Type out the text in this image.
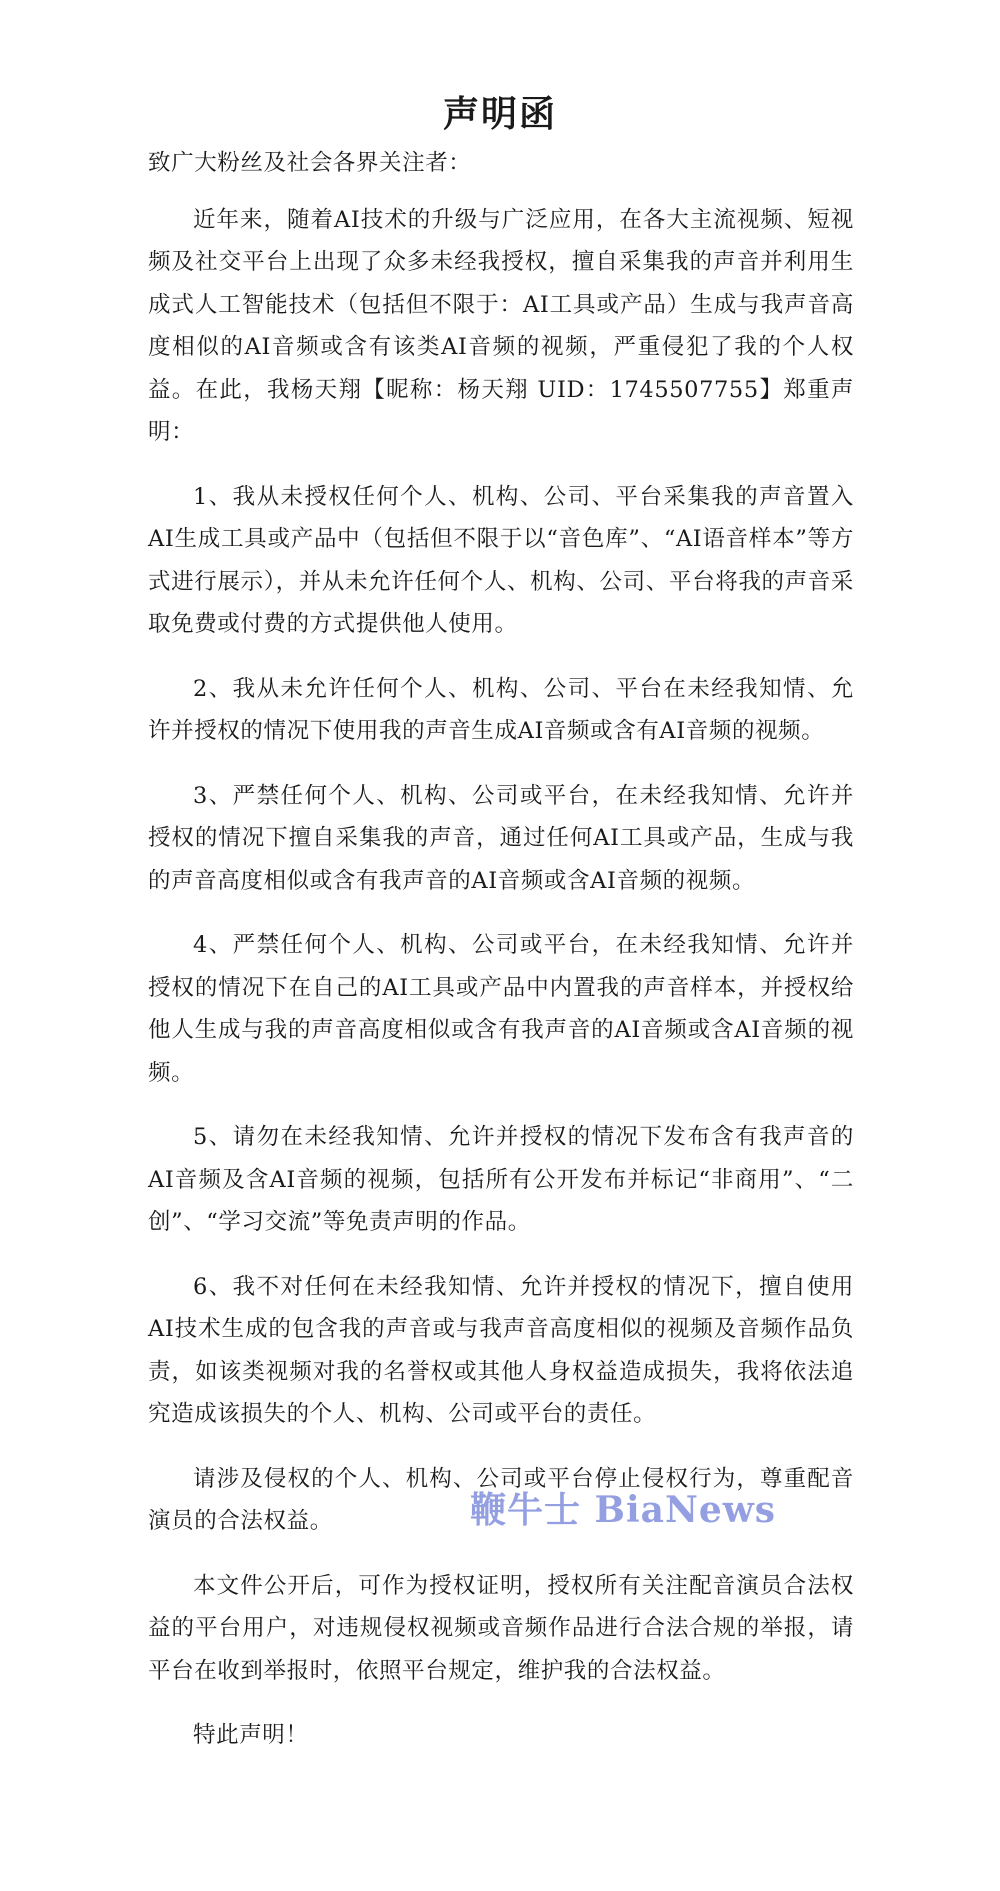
声明函

致广大粉丝及社会各界关注者：

近年来，随着AI技术的升级与广泛应用，在各大主流视频、短视频及社交平台上出现了众多未经我授权，擅自采集我的声音并利用生成式人工智能技术（包括但不限于：AI工具或产品）生成与我声音高度相似的AI音频或含有该类AI音频的视频，严重侵犯了我的个人权益。在此，我杨天翔【昵称：杨天翔 UID：1745507755】郑重声明：

1、我从未授权任何个人、机构、公司、平台采集我的声音置入AI生成工具或产品中（包括但不限于以“音色库”、“AI语音样本”等方式进行展示），并从未允许任何个人、机构、公司、平台将我的声音采取免费或付费的方式提供他人使用。

2、我从未允许任何个人、机构、公司、平台在未经我知情、允许并授权的情况下使用我的声音生成AI音频或含有AI音频的视频。

3、严禁任何个人、机构、公司或平台，在未经我知情、允许并授权的情况下擅自采集我的声音，通过任何AI工具或产品，生成与我的声音高度相似或含有我声音的AI音频或含AI音频的视频。

4、严禁任何个人、机构、公司或平台，在未经我知情、允许并授权的情况下在自己的AI工具或产品中内置我的声音样本，并授权给他人生成与我的声音高度相似或含有我声音的AI音频或含AI音频的视频。

5、请勿在未经我知情、允许并授权的情况下发布含有我声音的AI音频及含AI音频的视频，包括所有公开发布并标记“非商用”、“二创”、“学习交流”等免责声明的作品。

6、我不对任何在未经我知情、允许并授权的情况下，擅自使用AI技术生成的包含我的声音或与我声音高度相似的视频及音频作品负责，如该类视频对我的名誉权或其他人身权益造成损失，我将依法追究造成该损失的个人、机构、公司或平台的责任。

请涉及侵权的个人、机构、公司或平台停止侵权行为，尊重配音演员的合法权益。

本文件公开后，可作为授权证明，授权所有关注配音演员合法权益的平台用户，对违规侵权视频或音频作品进行合法合规的举报，请平台在收到举报时，依照平台规定，维护我的合法权益。

特此声明！

鞭牛士 BiaNews
